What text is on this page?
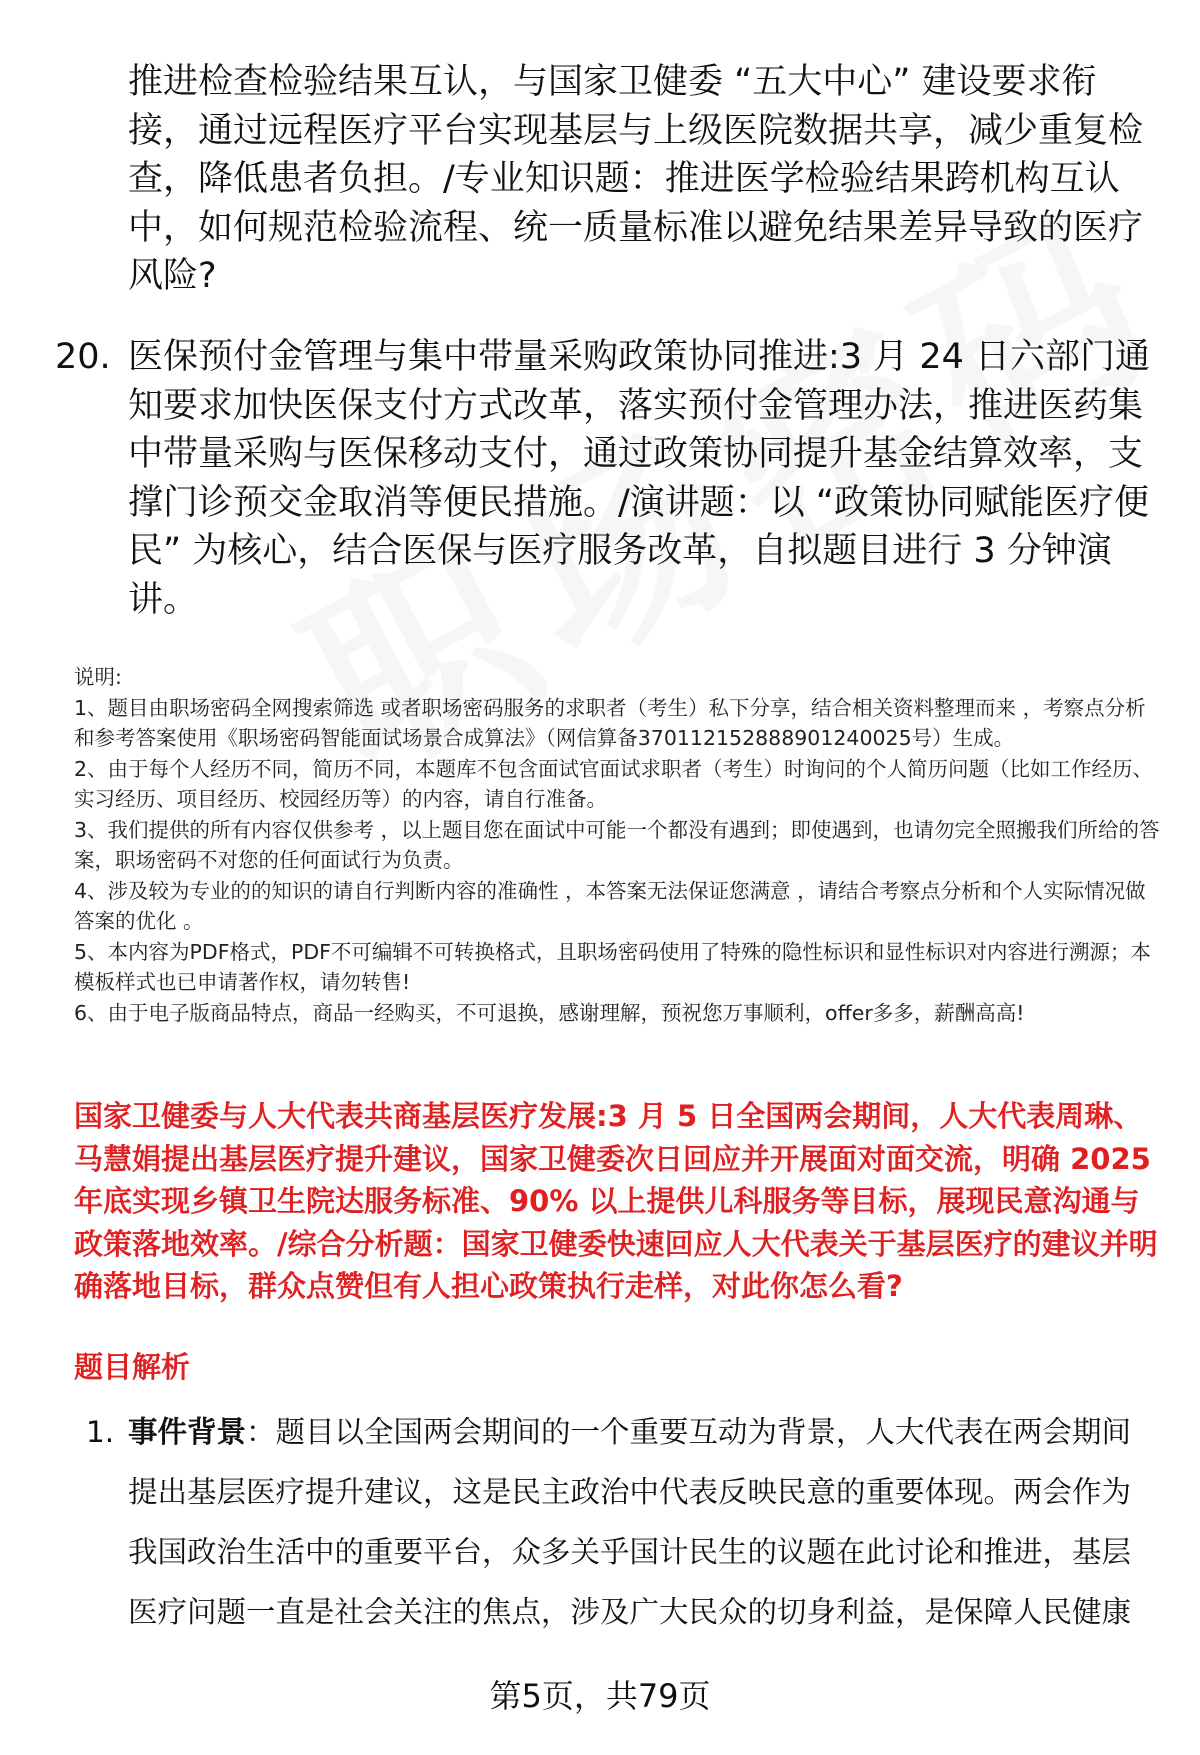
推进检查检验结果互认，与国家卫健委 “五大中心” 建设要求衔接，通过远程医疗平台实现基层与上级医院数据共享，减少重复检查，降低患者负担。/专业知识题：推进医学检验结果跨机构互认中，如何规范检验流程、统一质量标准以避免结果差异导致的医疗风险?
20. 医保预付金管理与集中带量采购政策协同推进:3 月 24 日六部门通知要求加快医保支付方式改革，落实预付金管理办法，推进医药集中带量采购与医保移动支付，通过政策协同提升基金结算效率，支撑门诊预交金取消等便民措施。/演讲题：以 “政策协同赋能医疗便民” 为核心，结合医保与医疗服务改革，自拟题目进行 3 分钟演讲。

说明:

1、题目由职场密码全网搜索筛选 或者职场密码服务的求职者（考生）私下分享，结合相关资料整理而来 ，考察点分析和参考答案使用《职场密码智能面试场景合成算法》（网信算备370112152888901240025号）生成。

2、由于每个人经历不同，简历不同，本题库不包含面试官面试求职者（考生）时询问的个人简历问题（比如工作经历、实习经历、项目经历、校园经历等）的内容，请自行准备。

3、我们提供的所有内容仅供参考 ，以上题目您在面试中可能一个都没有遇到；即使遇到，也请勿完全照搬我们所给的答案，职场密码不对您的任何面试行为负责。

4、涉及较为专业的的知识的请自行判断内容的准确性 ，本答案无法保证您满意 ，请结合考察点分析和个人实际情况做答案的优化 。

5、本内容为PDF格式，PDF不可编辑不可转换格式，且职场密码使用了特殊的隐性标识和显性标识对内容进行溯源；本模板样式也已申请著作权，请勿转售!

6、由于电子版商品特点，商品一经购买，不可退换，感谢理解，预祝您万事顺利，offer多多，薪酬高高!

国家卫健委与人大代表共商基层医疗发展:3 月 5 日全国两会期间，人大代表周琳、马慧娟提出基层医疗提升建议，国家卫健委次日回应并开展面对面交流，明确 2025 年底实现乡镇卫生院达服务标准、90% 以上提供儿科服务等目标，展现民意沟通与政策落地效率。/综合分析题：国家卫健委快速回应人大代表关于基层医疗的建议并明确落地目标，群众点赞但有人担心政策执行走样，对此你怎么看?

题目解析

1. 事件背景：题目以全国两会期间的一个重要互动为背景，人大代表在两会期间提出基层医疗提升建议，这是民主政治中代表反映民意的重要体现。两会作为我国政治生活中的重要平台，众多关乎国计民生的议题在此讨论和推进，基层医疗问题一直是社会关注的焦点，涉及广大民众的切身利益，是保障人民健康
第5页，共79页
